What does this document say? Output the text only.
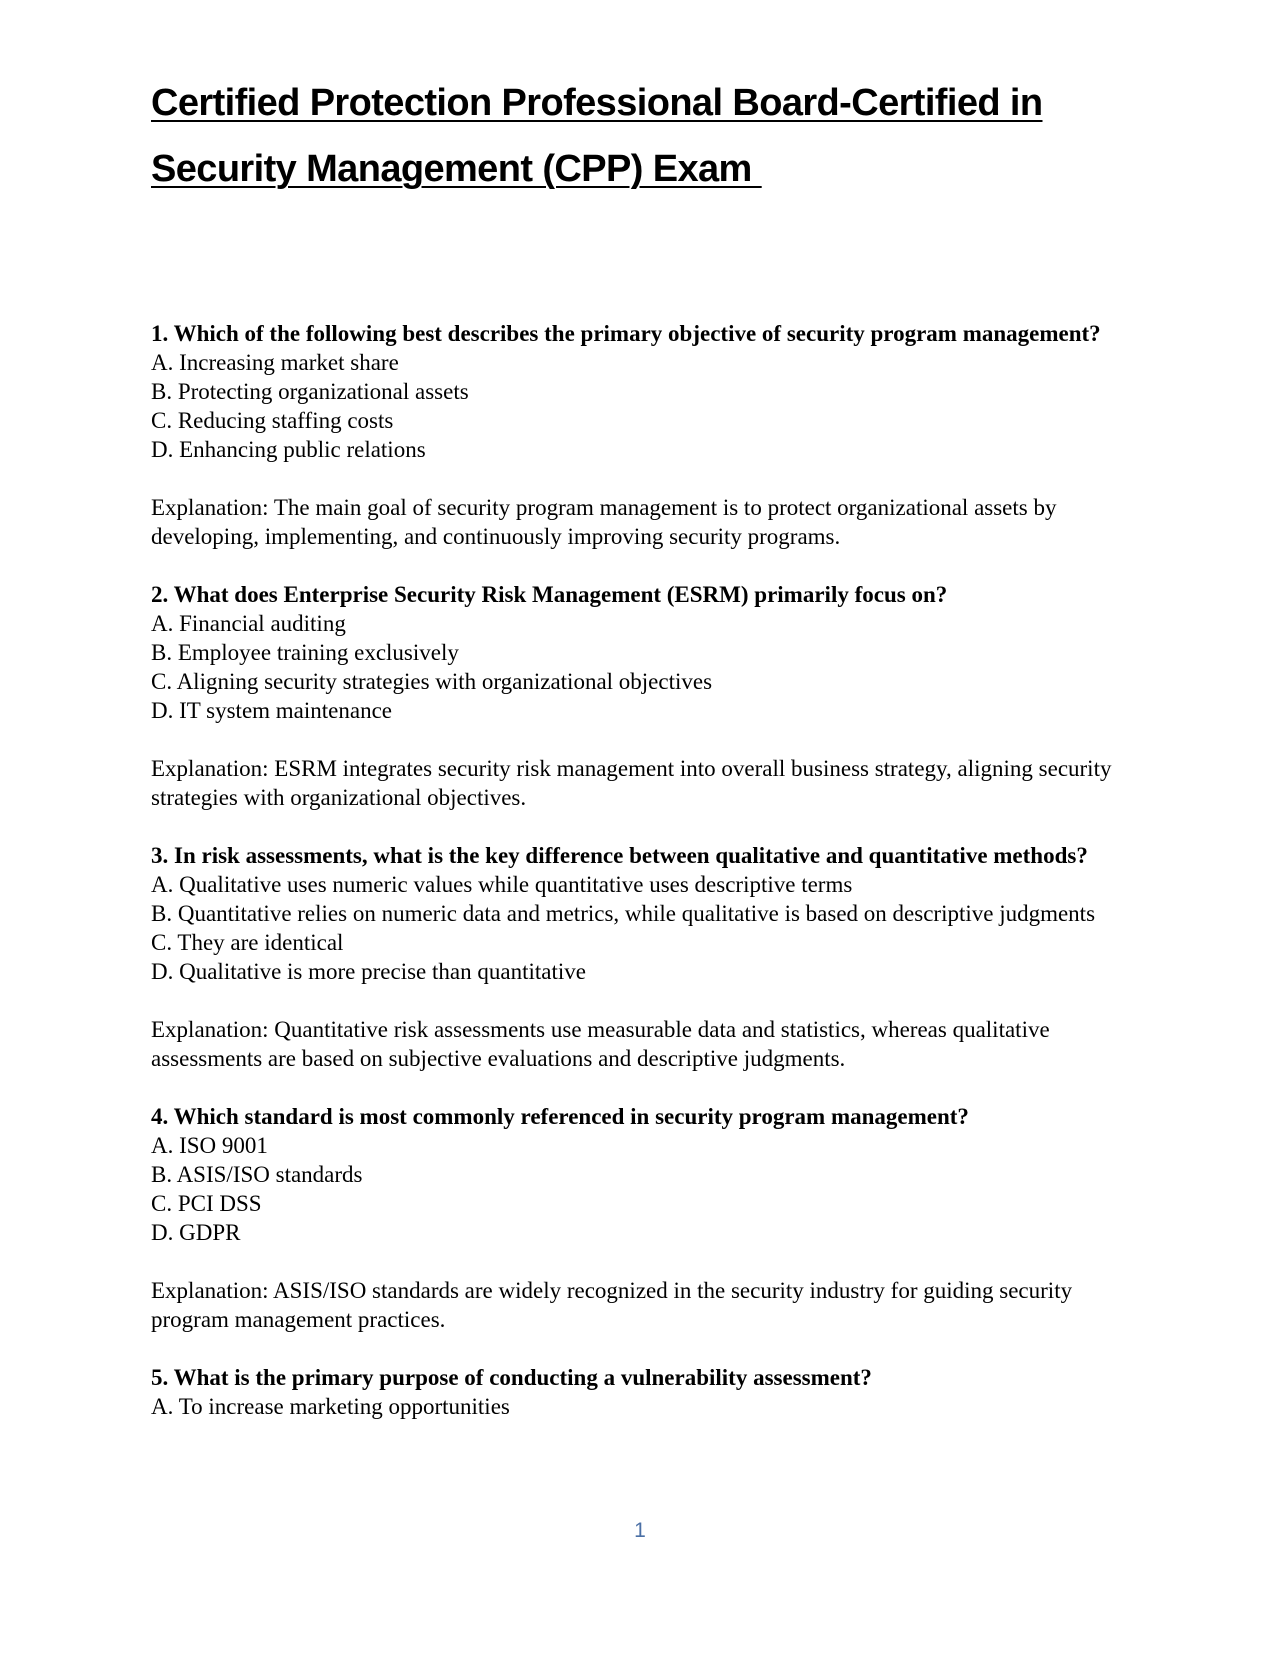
Certified Protection Professional Board-Certified in
Security Management (CPP) Exam

1. Which of the following best describes the primary objective of security program management?

A. Increasing market share

B. Protecting organizational assets

C. Reducing staffing costs

D. Enhancing public relations

Explanation: The main goal of security program management is to protect organizational assets by developing, implementing, and continuously improving security programs.

2. What does Enterprise Security Risk Management (ESRM) primarily focus on?

A. Financial auditing

B. Employee training exclusively

C. Aligning security strategies with organizational objectives

D. IT system maintenance

Explanation: ESRM integrates security risk management into overall business strategy, aligning security strategies with organizational objectives.

3. In risk assessments, what is the key difference between qualitative and quantitative methods?

A. Qualitative uses numeric values while quantitative uses descriptive terms

B. Quantitative relies on numeric data and metrics, while qualitative is based on descriptive judgments

C. They are identical

D. Qualitative is more precise than quantitative

Explanation: Quantitative risk assessments use measurable data and statistics, whereas qualitative assessments are based on subjective evaluations and descriptive judgments.

4. Which standard is most commonly referenced in security program management?

A. ISO 9001

B. ASIS/ISO standards

C. PCI DSS

D. GDPR

Explanation: ASIS/ISO standards are widely recognized in the security industry for guiding security program management practices.

5. What is the primary purpose of conducting a vulnerability assessment?

A. To increase marketing opportunities

1
